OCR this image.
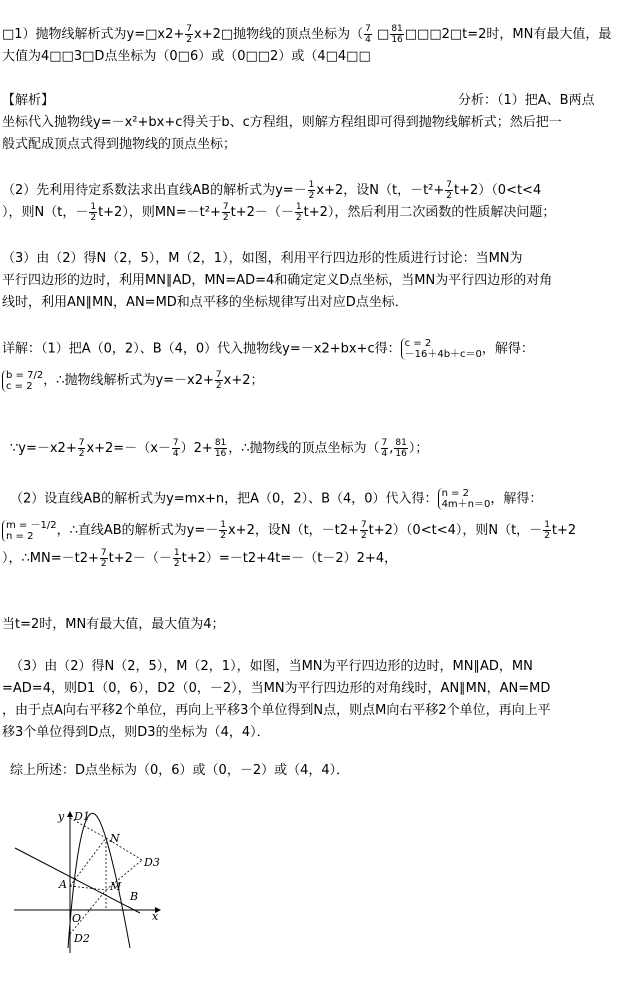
□1）抛物线解析式为y=□x2+ $\frac{7}{2}$ x+2□抛物线的顶点坐标为（ $\frac{7}{4}$ □ $\frac{81}{16}$ □□□2□t=2时，MN有最大值，最

大值为4□□3□D点坐标为（0□6）或（0□□2）或（4□4□□

【解析】	分析：（1）把A、B两点

坐标代入抛物线y=－x²+bx+c得关于b、c方程组，则解方程组即可得到抛物线解析式；然后把一

般式配成顶点式得到抛物线的顶点坐标；

（2）先利用待定系数法求出直线AB的解析式为$y=- \frac{1}{2} x+2$，设N（t，$-t^2+ \frac{7}{2} t+2)(0<t<4$

），则N（t，－ $\frac{1}{2} t+2$），则$MN=-t^2+ \frac{7}{2} t+2-(- \frac{1}{2} t+2)$，然后利用二次函数的性质解决问题；

（3）由（2）得N（2，5），M（2，1），如图，利用平行四边形的性质进行讨论：当MN为

平行四边形的边时，利用MN∥AD，MN=AD=4和确定定义D点坐标，当MN为平行四边形的对角

线时，利用AN∥MN，AN=MD和点平移的坐标规律写出对应D点坐标．

详解：（1）把A（0，2）、B（4，0）代入抛物线y=－x2+bx+c得： c = 2
－16＋4b＋c＝0 ，解得：

b = 7/2
c = 2 ，∴抛物线解析式为$y=-x2+ \frac{7}{2} x+2$；

∵y=－x2+ $\frac{7}{2} x+2=-(x- \frac{7}{4} )2+ \frac{81}{16}$ ，∴抛物线的顶点坐标为（ $\frac{7}{4}$ , $\frac{81}{16}$ ）；

（2）设直线AB的解析式为y=mx+n，把A（0，2）、B（4，0）代入得： n = 2
4m＋n＝0 ，解得：

m = －1/2
n = 2	，∴直线AB的解析式为$y=- \frac{1}{2} x+2$，设N（t，$-t2+ \frac{7}{2} t+2)(0<t<4)$，则N（t，－ $\frac{1}{2} t+2$

），∴MN=－t2+ $\frac{7}{2} t+2-(- \frac{1}{2} t+2)=-t2+4t=-(t-2)2+4$，

当t=2时，MN有最大值，最大值为4；

（3）由（2）得N（2，5），M（2，1），如图，当MN为平行四边形的边时，MN∥AD，MN

=AD=4，则D1（0，6），D2（0，－2），当MN为平行四边形的对角线时，AN∥MN，AN=MD

，由于点A向右平移2个单位，再向上平移3个单位得到N点，则点M向右平移2个单位，再向上平

移3个单位得到D点，则D3的坐标为（4，4）．

综上所述：D点坐标为（0，6）或（0，－2）或（4，4）．

y D1
N
D3
A	M
B
O	x
D2
